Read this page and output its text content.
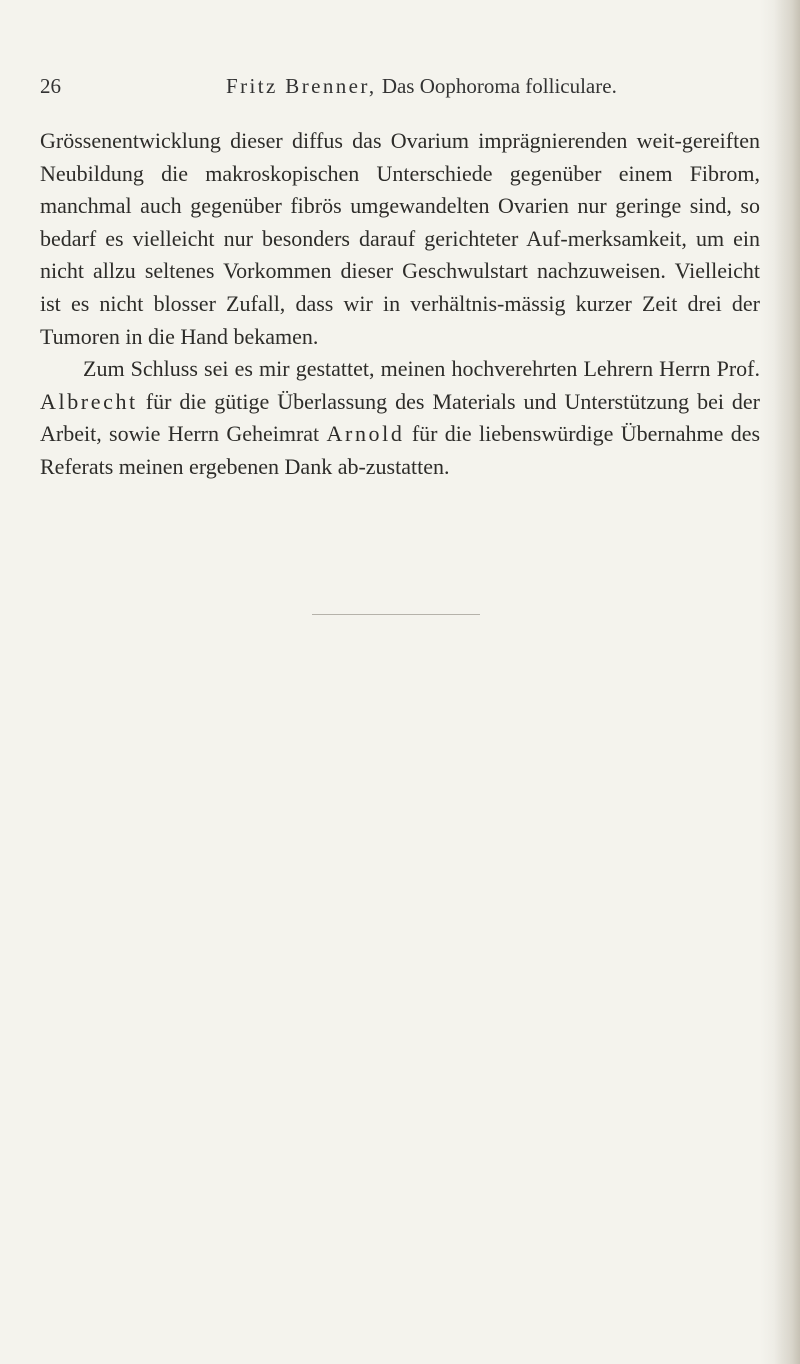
26	Fritz Brenner, Das Oophoroma folliculare.

Grössenentwicklung dieser diffus das Ovarium imprägnierenden weit-gereiften Neubildung die makroskopischen Unterschiede gegenüber einem Fibrom, manchmal auch gegenüber fibrös umgewandelten Ovarien nur geringe sind, so bedarf es vielleicht nur besonders darauf gerichteter Auf-merksamkeit, um ein nicht allzu seltenes Vorkommen dieser Geschwulstart nachzuweisen. Vielleicht ist es nicht blosser Zufall, dass wir in verhältnis-mässig kurzer Zeit drei der Tumoren in die Hand bekamen.

Zum Schluss sei es mir gestattet, meinen hochverehrten Lehrern Herrn Prof. Albrecht für die gütige Überlassung des Materials und Unterstützung bei der Arbeit, sowie Herrn Geheimrat Arnold für die liebenswürdige Übernahme des Referats meinen ergebenen Dank ab-zustatten.
